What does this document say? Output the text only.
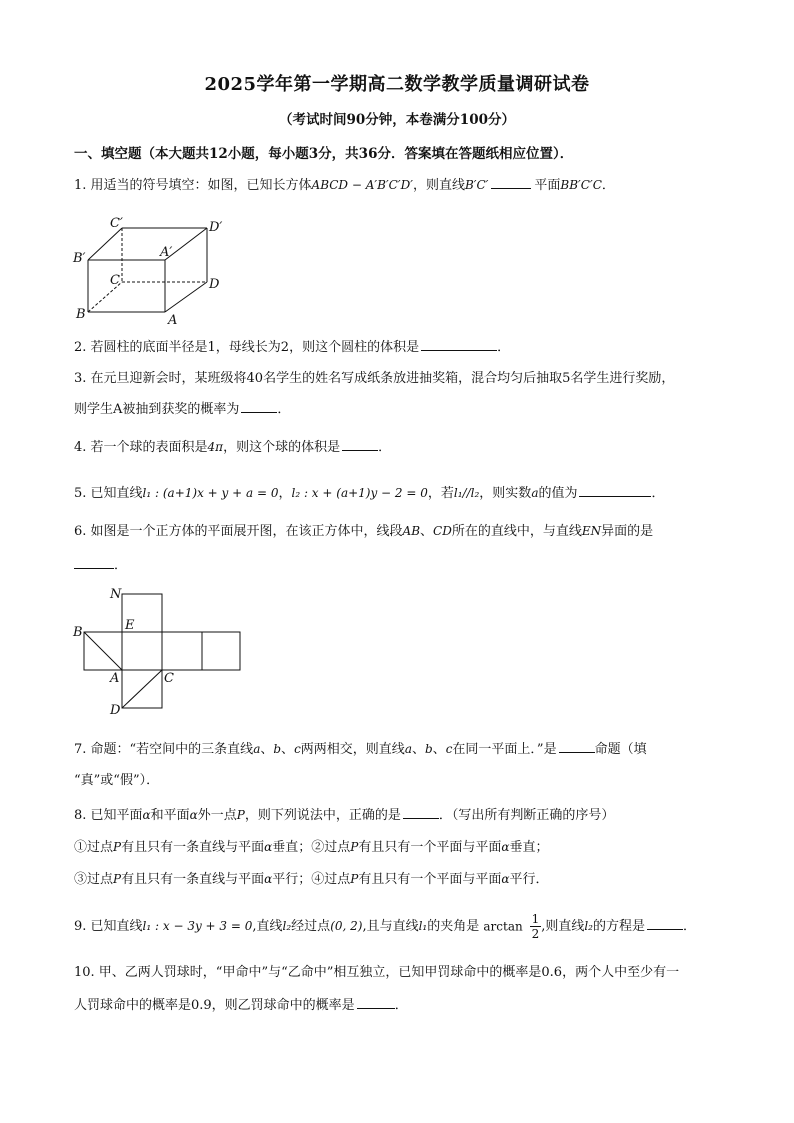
2025学年第一学期高二数学教学质量调研试卷
（考试时间90分钟，本卷满分100分）
一、填空题（本大题共12小题，每小题3分，共36分．答案填在答题纸相应位置）．
1. 用适当的符号填空：如图，已知长方体ABCD − A′B′C′D′，则直线B′C′	平面BB′C′C．
C′	D′
A′
B′
C	D
B	A
2. 若圆柱的底面半径是1，母线长为2，则这个圆柱的体积是	．
3. 在元旦迎新会时，某班级将40名学生的姓名写成纸条放进抽奖箱，混合均匀后抽取5名学生进行奖励，
则学生A被抽到获奖的概率为	．
4. 若一个球的表面积是4π，则这个球的体积是	．
5. 已知直线l₁ : (a+1)x + y + a = 0，l₂ : x + (a+1)y − 2 = 0，若l₁//l₂，则实数a的值为	．
6. 如图是一个正方体的平面展开图，在该正方体中，线段AB、CD所在的直线中，与直线EN异面的是
．
N
E
B
A	C
D
7. 命题：“若空间中的三条直线a、b、c两两相交，则直线a、b、c在同一平面上．”是	命题（填
“真”或“假”）．
8. 已知平面α和平面α外一点P，则下列说法中，正确的是	．（写出所有判断正确的序号）
①过点P有且只有一条直线与平面α垂直；②过点P有且只有一个平面与平面α垂直；
③过点P有且只有一条直线与平面α平行；④过点P有且只有一个平面与平面α平行．
9. 已知直线l₁ : x − 3y + 3 = 0,直线l₂经过点(0, 2),且与直线l₁的夹角是 $\arctan \frac{1}{2}$ ,则直线l₂的方程是	．
10. 甲、乙两人罚球时，“甲命中”与“乙命中”相互独立，已知甲罚球命中的概率是0.6，两个人中至少有一
人罚球命中的概率是0.9，则乙罚球命中的概率是	．
